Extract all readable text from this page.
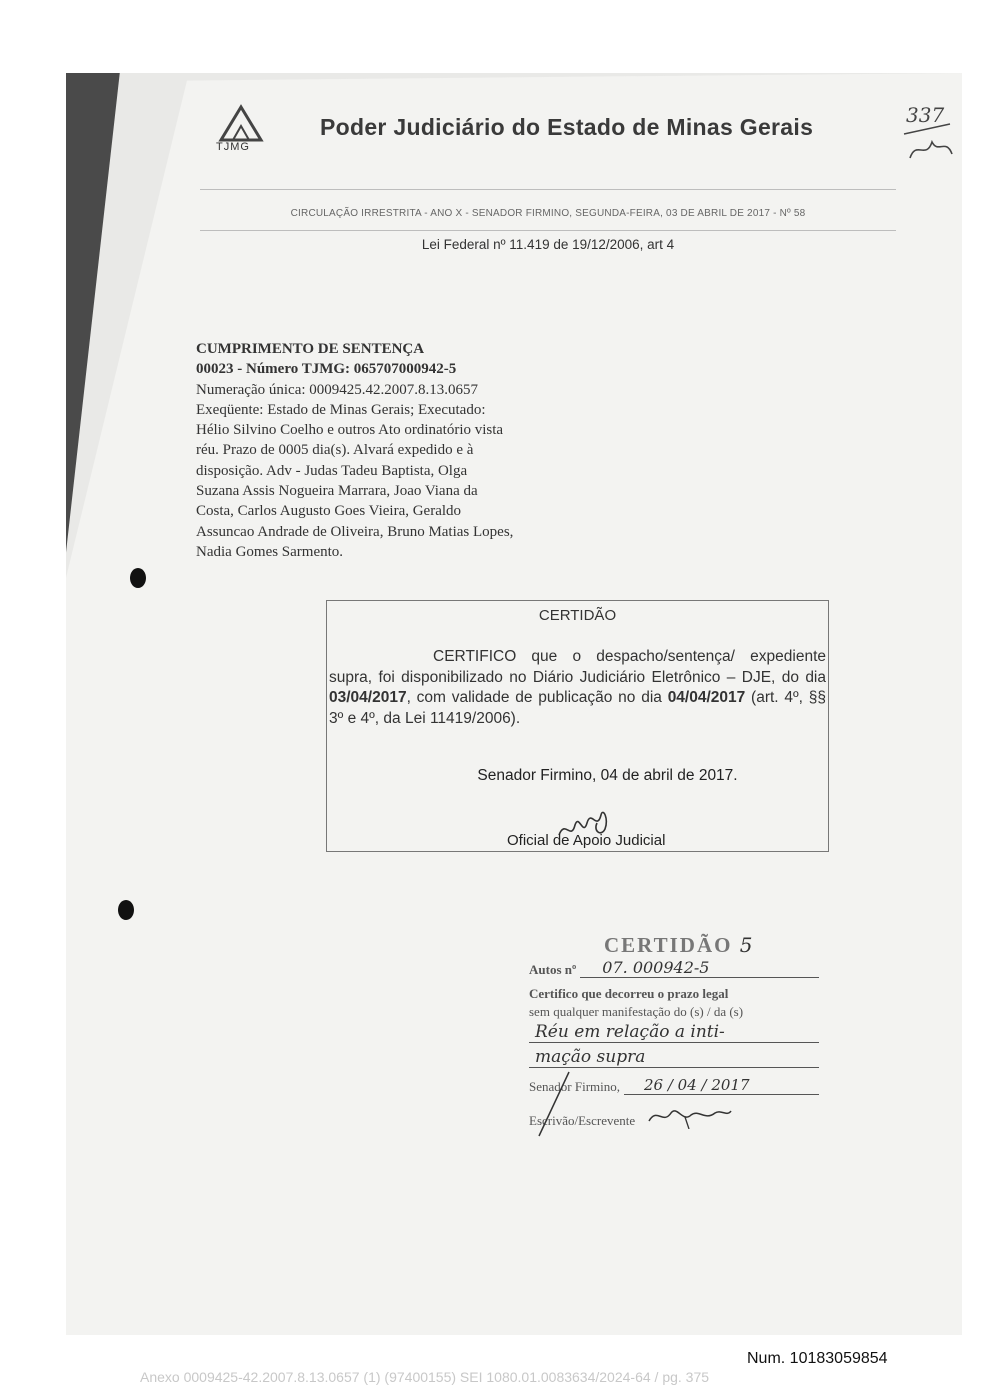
TJMG
Poder Judiciário do Estado de Minas Gerais	337
CIRCULAÇÃO IRRESTRITA - ANO X - SENADOR FIRMINO, SEGUNDA-FEIRA, 03 DE ABRIL DE 2017 - Nº 58
Lei Federal nº 11.419 de 19/12/2006, art 4
CUMPRIMENTO DE SENTENÇA
00023 - Número TJMG: 065707000942-5
Numeração única: 0009425.42.2007.8.13.0657
Exeqüente: Estado de Minas Gerais; Executado:
Hélio Silvino Coelho e outros Ato ordinatório vista
réu. Prazo de 0005 dia(s). Alvará expedido e à
disposição. Adv - Judas Tadeu Baptista, Olga
Suzana Assis Nogueira Marrara, Joao Viana da
Costa, Carlos Augusto Goes Vieira, Geraldo
Assuncao Andrade de Oliveira, Bruno Matias Lopes,
Nadia Gomes Sarmento.
CERTIDÃO
CERTIFICO que o despacho/sentença/ expediente supra, foi disponibilizado no Diário Judiciário Eletrônico – DJE, do dia 03/04/2017, com validade de publicação no dia 04/04/2017 (art. 4º, §§ 3º e 4º, da Lei 11419/2006).
Senador Firmino, 04 de abril de 2017.
Oficial de Apoio Judicial
CERTIDÃO 5
Autos nº	07. 000942-5
Certifico que decorreu o prazo legal
sem qualquer manifestação do (s) / da (s)
Réu em relação a inti-
mação supra
Senador Firmino,	26 / 04 / 2017
Escrivão/Escrevente
Num. 10183059854
Anexo 0009425-42.2007.8.13.0657 (1) (97400155) SEI 1080.01.0083634/2024-64 / pg. 375
